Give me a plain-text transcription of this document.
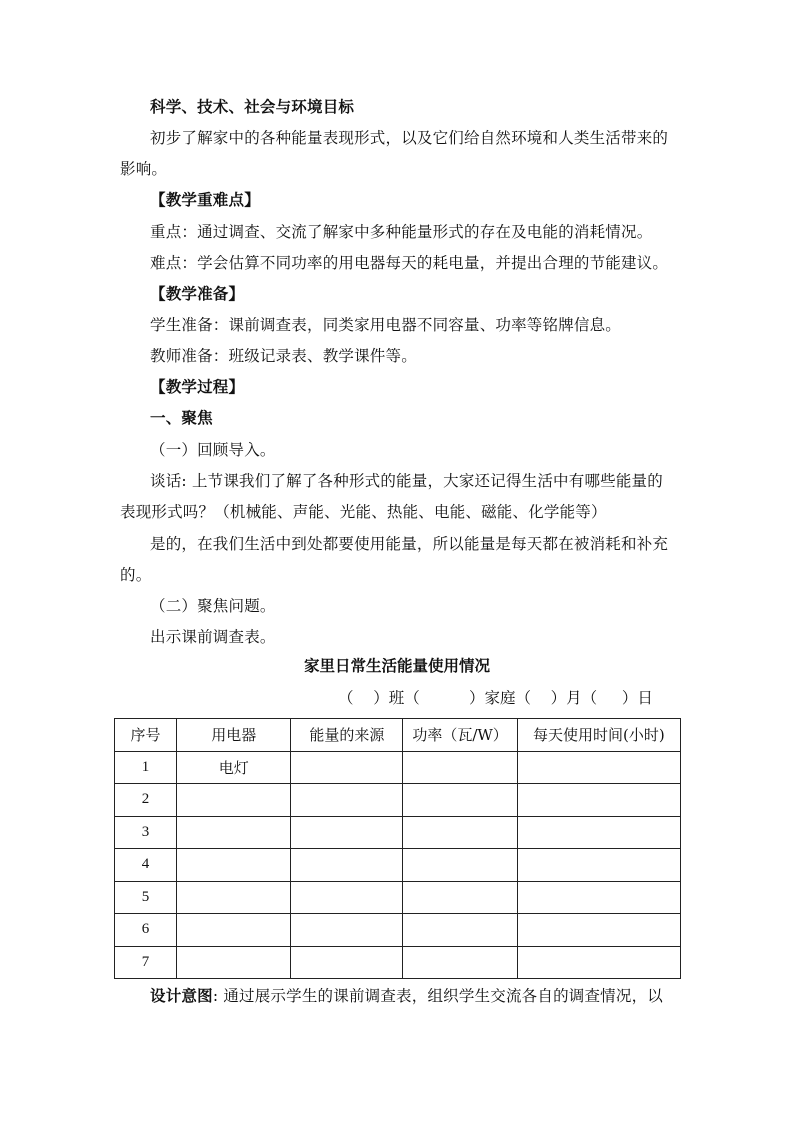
科学、技术、社会与环境目标
初步了解家中的各种能量表现形式，以及它们给自然环境和人类生活带来的
影响。
【教学重难点】
重点：通过调查、交流了解家中多种能量形式的存在及电能的消耗情况。
难点：学会估算不同功率的用电器每天的耗电量，并提出合理的节能建议。
【教学准备】
学生准备：课前调查表，同类家用电器不同容量、功率等铭牌信息。
教师准备：班级记录表、教学课件等。
【教学过程】
一、聚焦
（一）回顾导入。
谈话: 上节课我们了解了各种形式的能量，大家还记得生活中有哪些能量的
表现形式吗？（机械能、声能、光能、热能、电能、磁能、化学能等）
是的，在我们生活中到处都要使用能量，所以能量是每天都在被消耗和补充
的。
（二）聚焦问题。
出示课前调查表。
家里日常生活能量使用情况
（    ）班（          ）家庭（    ）月（     ）日
序号	用电器	能量的来源	功率（瓦/W）	每天使用时间(小时)
1	电灯			
2				
3				
4				
5				
6				
7				
设计意图: 通过展示学生的课前调查表，组织学生交流各自的调查情况，以
